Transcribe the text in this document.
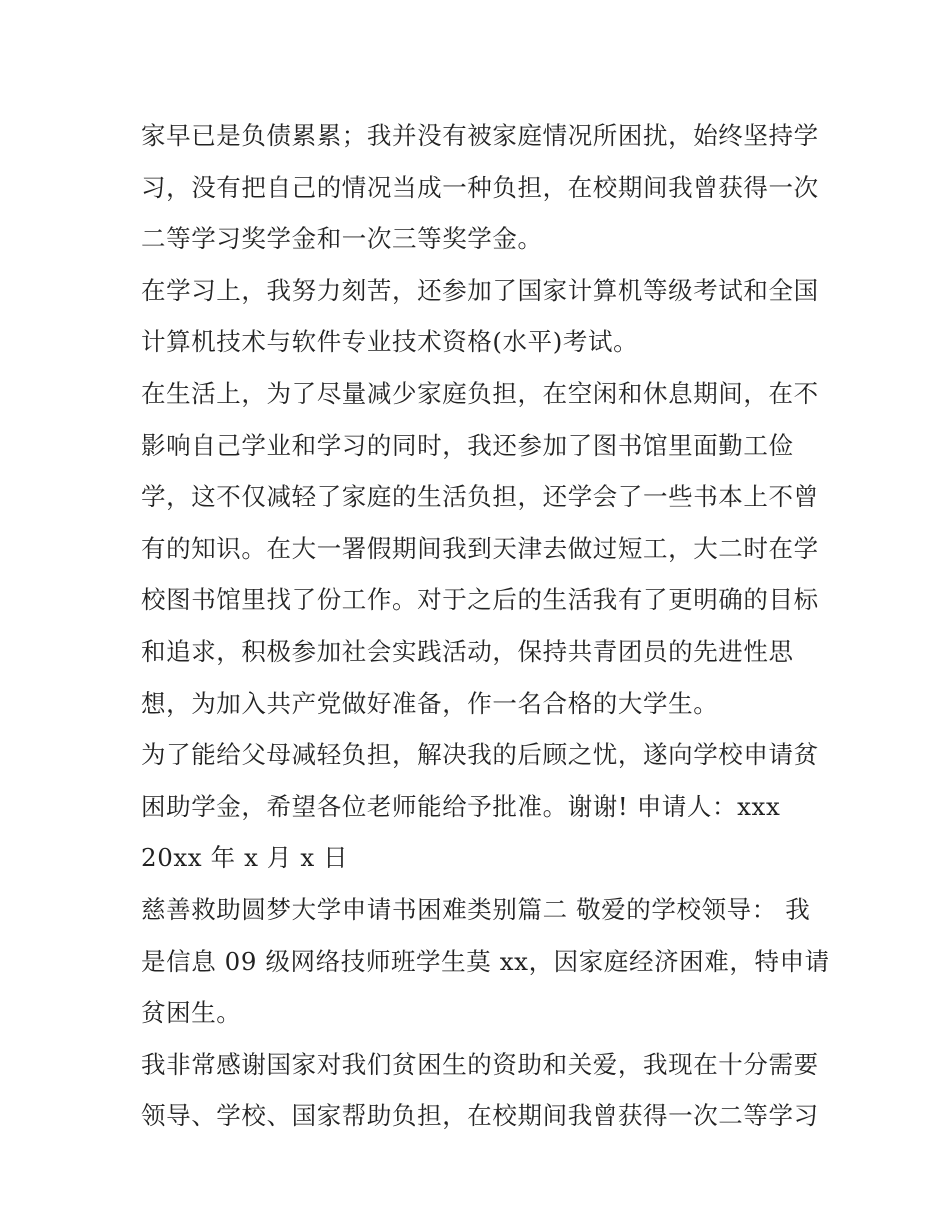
家早已是负债累累；我并没有被家庭情况所困扰，始终坚持学
习，没有把自己的情况当成一种负担，在校期间我曾获得一次
二等学习奖学金和一次三等奖学金。
在学习上，我努力刻苦，还参加了国家计算机等级考试和全国
计算机技术与软件专业技术资格(水平)考试。
在生活上，为了尽量减少家庭负担，在空闲和休息期间，在不
影响自己学业和学习的同时，我还参加了图书馆里面勤工俭
学，这不仅减轻了家庭的生活负担，还学会了一些书本上不曾
有的知识。在大一署假期间我到天津去做过短工，大二时在学
校图书馆里找了份工作。对于之后的生活我有了更明确的目标
和追求，积极参加社会实践活动，保持共青团员的先进性思
想，为加入共产党做好准备，作一名合格的大学生。
为了能给父母减轻负担，解决我的后顾之忧，遂向学校申请贫
困助学金，希望各位老师能给予批准。谢谢! 申请人：xxx
20xx 年 x 月 x 日
慈善救助圆梦大学申请书困难类别篇二 敬爱的学校领导： 我
是信息 09 级网络技师班学生莫 xx，因家庭经济困难，特申请
贫困生。
我非常感谢国家对我们贫困生的资助和关爱，我现在十分需要
领导、学校、国家帮助负担，在校期间我曾获得一次二等学习
